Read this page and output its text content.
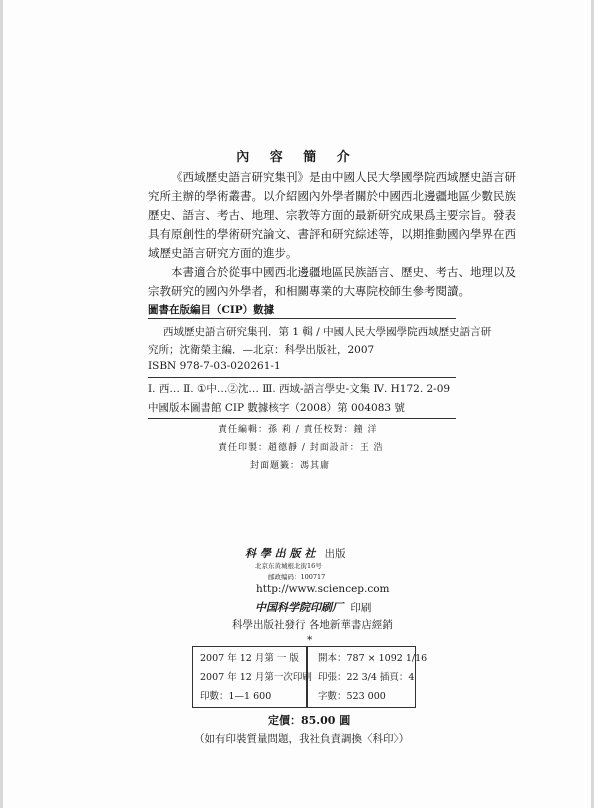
內 容 簡 介
《西域歷史語言研究集刊》是由中國人民大學國學院西域歷史語言研
究所主辦的學術叢書。以介紹國內外學者關於中國西北邊疆地區少數民族
歷史、語言、考古、地理、宗教等方面的最新研究成果爲主要宗旨。發表
具有原創性的學術研究論文、書評和研究綜述等，以期推動國內學界在西
域歷史語言研究方面的進步。
本書適合於從事中國西北邊疆地區民族語言、歷史、考古、地理以及
宗教研究的國內外學者，和相關專業的大專院校師生參考閱讀。
圖書在版編目（CIP）數據
西域歷史語言研究集刊．第 1 輯 / 中國人民大學國學院西域歷史語言研
究所；沈衛榮主編．—北京：科學出版社，2007
ISBN 978-7-03-020261-1
Ⅰ. 西… Ⅱ. ①中…②沈… Ⅲ. 西域-語言學史-文集 Ⅳ. H172. 2-09
中國版本圖書館 CIP 數據核字（2008）第 004083 號
責任編輯：孫 莉 / 責任校對：鐘 洋
責任印製：趙德靜 / 封面設計：王 浩
封面題籤：馮其庸
科 學 出 版 社 出版
北京东黄城根北街16号
邮政编码：100717
http://www.sciencep.com
中国科学院印刷厂 印刷
科學出版社發行 各地新華書店經銷
*
2007 年 12 月第 一 版
2007 年 12 月第一次印刷
印數：1—1 600
開本：787 × 1092 1/16
印張：22 3/4 插頁：4
字數：523 000
定價：85.00 圓
（如有印裝質量問題，我社負責調換〈科印〉）
